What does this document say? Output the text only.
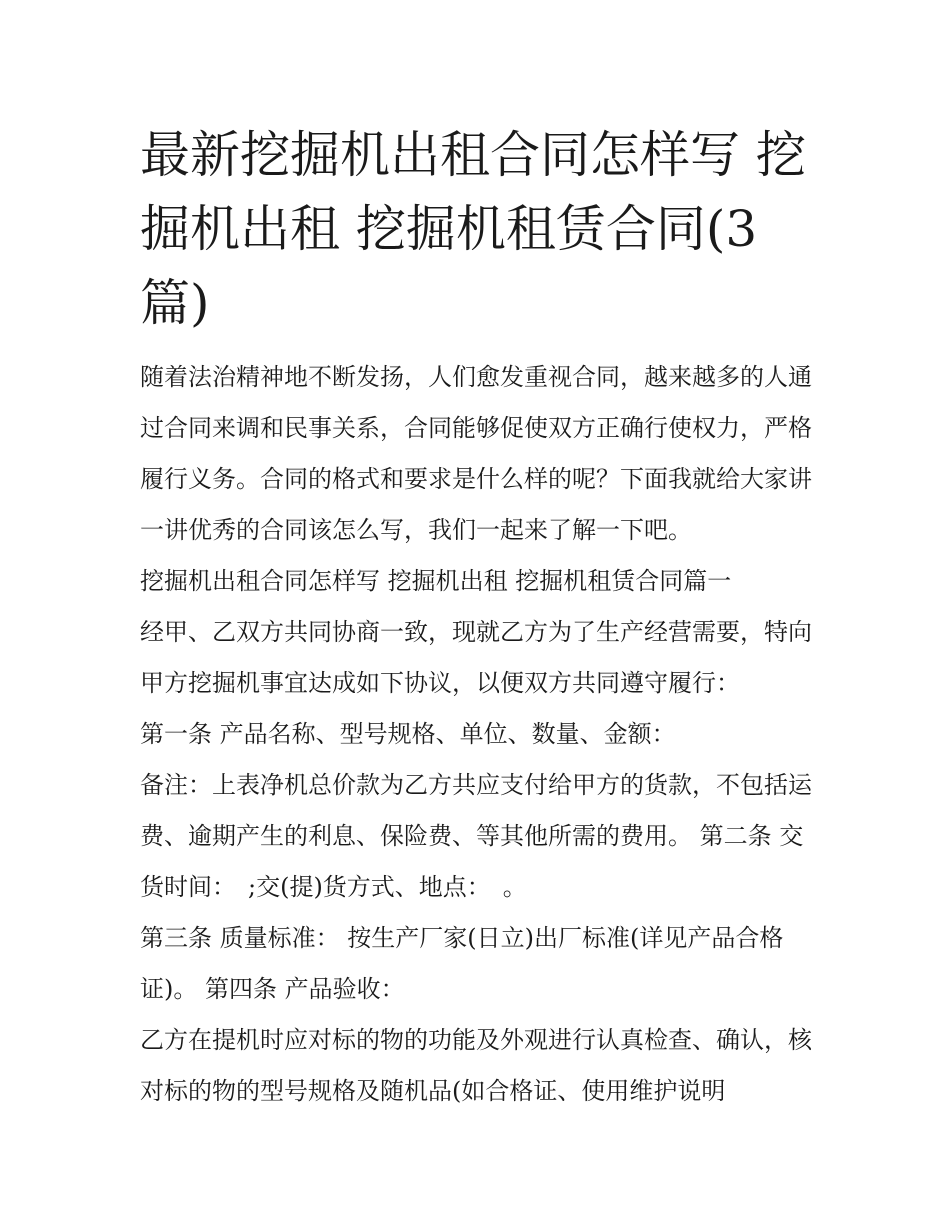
最新挖掘机出租合同怎样写 挖掘机出租 挖掘机租赁合同(3篇)

随着法治精神地不断发扬，人们愈发重视合同，越来越多的人通过合同来调和民事关系，合同能够促使双方正确行使权力，严格履行义务。合同的格式和要求是什么样的呢？下面我就给大家讲一讲优秀的合同该怎么写，我们一起来了解一下吧。

挖掘机出租合同怎样写 挖掘机出租 挖掘机租赁合同篇一

经甲、乙双方共同协商一致，现就乙方为了生产经营需要，特向甲方挖掘机事宜达成如下协议，以便双方共同遵守履行：

第一条 产品名称、型号规格、单位、数量、金额：

备注：上表净机总价款为乙方共应支付给甲方的货款，不包括运费、逾期产生的利息、保险费、等其他所需的费用。 第二条 交货时间：　;交(提)货方式、地点：　。

第三条 质量标准： 按生产厂家(日立)出厂标准(详见产品合格证)。 第四条 产品验收：

乙方在提机时应对标的物的功能及外观进行认真检查、确认，核对标的物的型号规格及随机品(如合格证、使用维护说明
